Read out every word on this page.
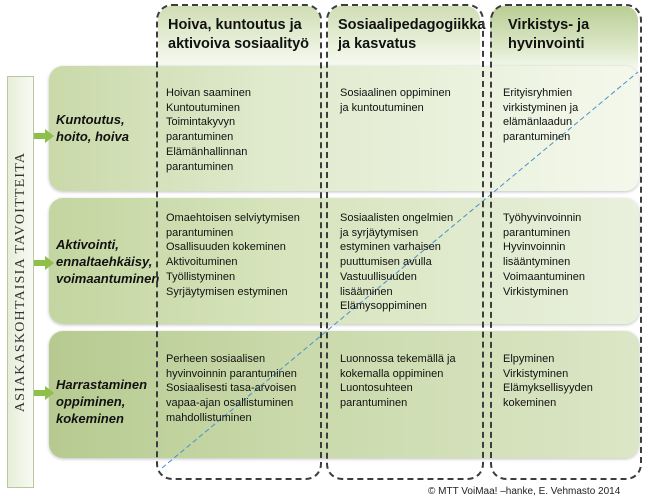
Hoiva, kuntoutus ja
aktivoiva sosiaalityö
Sosiaalipedagogiikka
ja kasvatus
Virkistys- ja
hyvinvointi
ASIAKASKOHTAISIA TAVOITTEITA
Kuntoutus,
hoito, hoiva
Aktivointi,
ennaltaehkäisy,
voimaantuminen
Harrastaminen
oppiminen,
kokeminen
Hoivan saaminen
Kuntoutuminen
Toimintakyvyn
parantuminen
Elämänhallinnan
parantuminen
Sosiaalinen oppiminen
ja kuntoutuminen
Erityisryhmien
virkistyminen ja
elämänlaadun
parantuminen
Omaehtoisen selviytymisen
parantuminen
Osallisuuden kokeminen
Aktivoituminen
Työllistyminen
Syrjäytymisen estyminen
Sosiaalisten ongelmien
ja syrjäytymisen
estyminen varhaisen
puuttumisen avulla
Vastuullisuuden
lisääminen
Elämysoppiminen
Työhyvinvoinnin
parantuminen
Hyvinvoinnin
lisääntyminen
Voimaantuminen
Virkistyminen
Perheen sosiaalisen
hyvinvoinnin parantuminen
Sosiaalisesti tasa-arvoisen
vapaa-ajan osallistuminen
mahdollistuminen
Luonnossa tekemällä ja
kokemalla oppiminen
Luontosuhteen
parantuminen
Elpyminen
Virkistyminen
Elämyksellisyyden
kokeminen
© MTT VoiMaa! –hanke, E. Vehmasto 2014
